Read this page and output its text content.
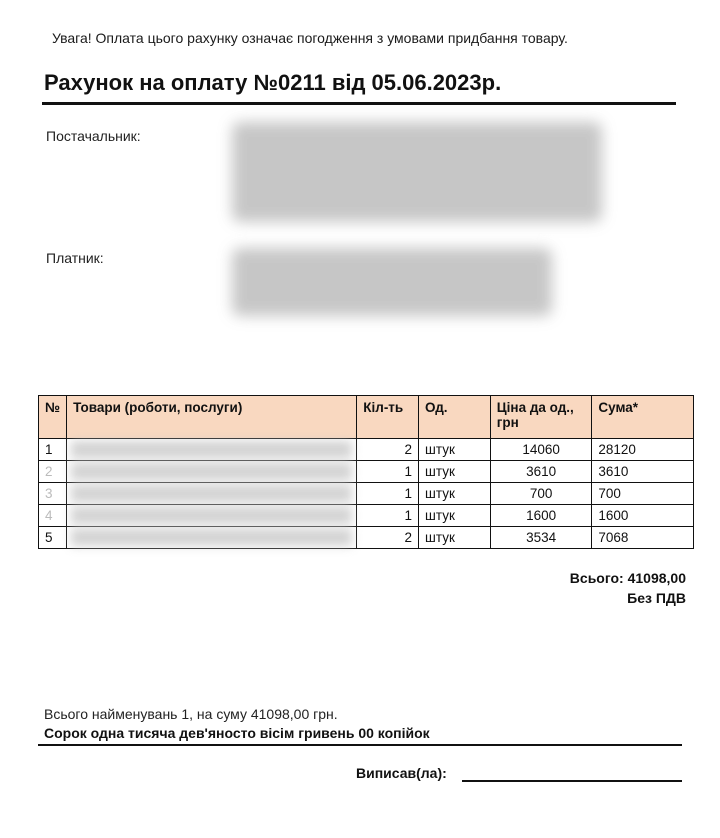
Увага! Оплата цього рахунку означає погодження з умовами придбання товару.
Рахунок на оплату №0211 від 05.06.2023р.
Постачальник:
Платник:
№	Товари (роботи, послуги)	Кіл-ть	Од.	Ціна да од., грн	Сума*
1		2	штук	14060	28120
2		1	штук	3610	3610
3		1	штук	700	700
4		1	штук	1600	1600
5		2	штук	3534	7068
Всього: 41098,00
Без ПДВ
Всього найменувань 1, на суму 41098,00 грн.
Сорок одна тисяча дев'яносто вісім гривень 00 копійок
Виписав(ла):
